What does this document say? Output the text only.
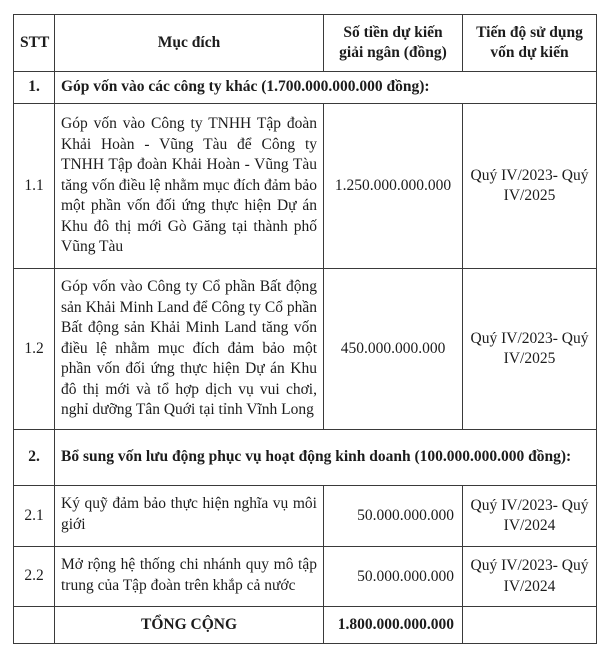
STT	Mục đích	Số tiền dự kiến giải ngân (đồng)	Tiến độ sử dụng vốn dự kiến
1.	Góp vốn vào các công ty khác (1.700.000.000.000 đồng):		
1.1	Góp vốn vào Công ty TNHH Tập đoàn Khải Hoàn - Vũng Tàu để Công ty TNHH Tập đoàn Khải Hoàn - Vũng Tàu tăng vốn điều lệ nhằm mục đích đảm bảo một phần vốn đối ứng thực hiện Dự án Khu đô thị mới Gò Găng tại thành phố Vũng Tàu	1.250.000.000.000	Quý IV/2023- Quý IV/2025
1.2	Góp vốn vào Công ty Cổ phần Bất động sản Khải Minh Land để Công ty Cổ phần Bất động sản Khải Minh Land tăng vốn điều lệ nhằm mục đích đảm bảo một phần vốn đối ứng thực hiện Dự án Khu đô thị mới và tổ hợp dịch vụ vui chơi, nghỉ dưỡng Tân Quới tại tỉnh Vĩnh Long	450.000.000.000	Quý IV/2023- Quý IV/2025
2.	Bổ sung vốn lưu động phục vụ hoạt động kinh doanh (100.000.000.000 đồng):		
2.1	Ký quỹ đảm bảo thực hiện nghĩa vụ môi giới	50.000.000.000	Quý IV/2023- Quý IV/2024
2.2	Mở rộng hệ thống chi nhánh quy mô tập trung của Tập đoàn trên khắp cả nước	50.000.000.000	Quý IV/2023- Quý IV/2024
	TỔNG CỘNG	1.800.000.000.000	
